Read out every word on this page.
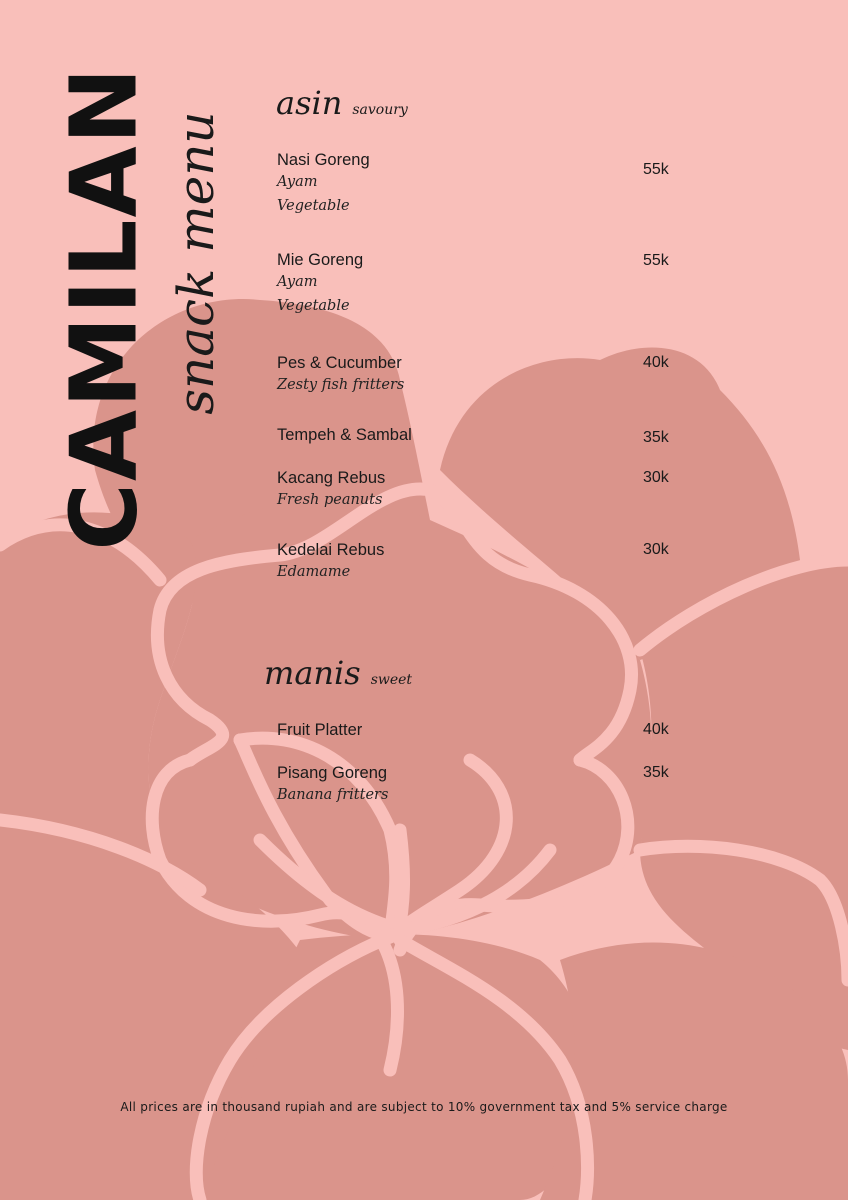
CAMILAN snack menu
asin savoury
Nasi Goreng
Ayam
Vegetable
55k
Mie Goreng
Ayam
Vegetable
55k
Pes & Cucumber
Zesty fish fritters
40k
Tempeh & Sambal	35k
Kacang Rebus
Fresh peanuts
30k
Kedelai Rebus
Edamame
30k
manis sweet
Fruit Platter	40k
Pisang Goreng
Banana fritters
35k
All prices are in thousand rupiah and are subject to 10% government tax and 5% service charge
